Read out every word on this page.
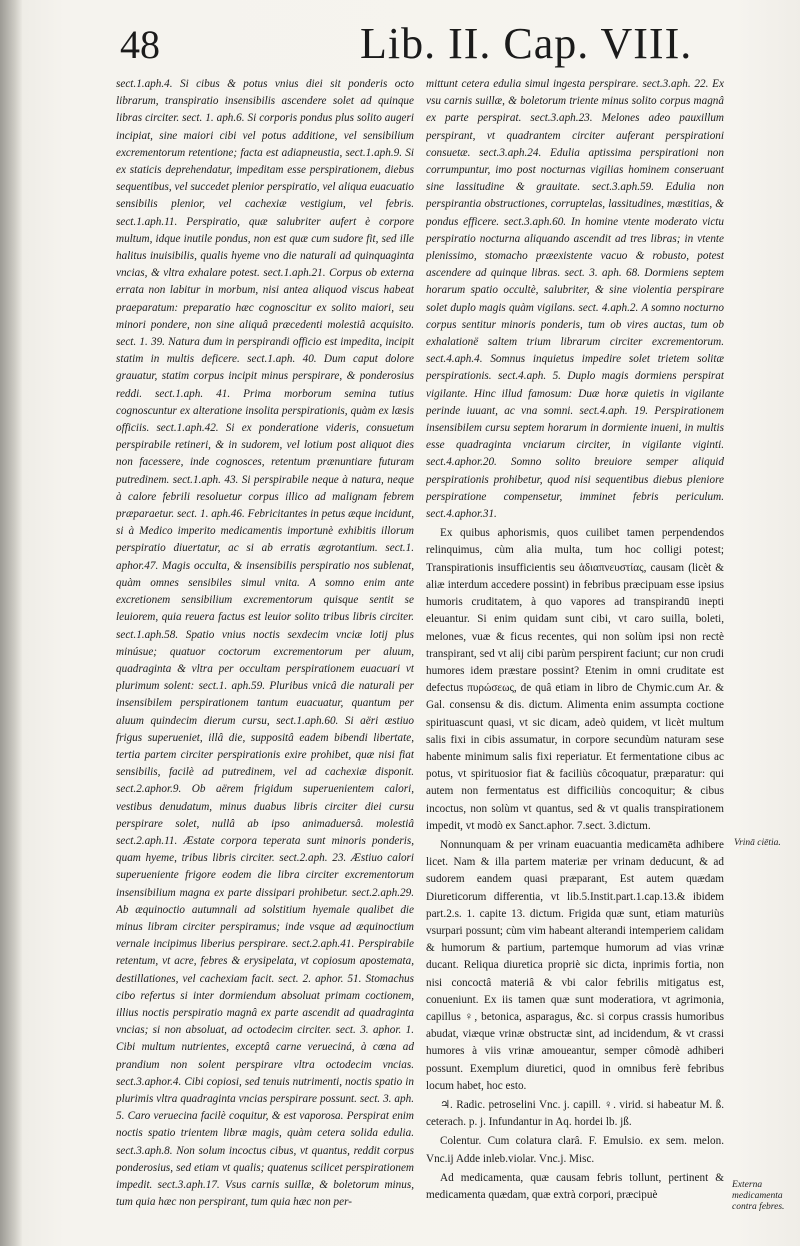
48	Lib. II. Cap. VIII.

sect.1.aph.4. Si cibus & potus vnius diei sit ponderis octo librarum, transpiratio insensibilis ascendere solet ad quinque libras circiter. sect. 1. aph.6. Si corporis pondus plus solito augeri incipiat, sine maiori cibi vel potus additione, vel sensibilium excrementorum retentione; facta est adiapneustia, sect.1.aph.9. Si ex staticis deprehendatur, impeditam esse perspirationem, diebus sequentibus, vel succedet plenior perspiratio, vel aliqua euacuatio sensibilis plenior, vel cachexiæ vestigium, vel febris. sect.1.aph.11. Perspiratio, quæ salubriter aufert è corpore multum, idque inutile pondus, non est quæ cum sudore fit, sed ille halitus inuisibilis, qualis hyeme vno die naturali ad quinquaginta vncias, & vltra exhalare potest. sect.1.aph.21. Corpus ob externa errata non labitur in morbum, nisi antea aliquod viscus habeat praeparatum: preparatio hæc cognoscitur ex solito maiori, seu minori pondere, non sine aliquâ præcedenti molestiâ acquisito. sect. 1. 39. Natura dum in perspirandi officio est impedita, incipit statim in multis deficere. sect.1.aph. 40. Dum caput dolore grauatur, statim corpus incipit minus perspirare, & ponderosius reddi. sect.1.aph. 41. Prima morborum semina tutius cognoscuntur ex alteratione insolita perspirationis, quàm ex læsis officiis. sect.1.aph.42. Si ex ponderatione videris, consuetum perspirabile retineri, & in sudorem, vel lotium post aliquot dies non facessere, inde cognosces, retentum prænuntiare futuram putredinem. sect.1.aph. 43. Si perspirabile neque à natura, neque à calore febrili resoluetur corpus illico ad malignam febrem præparaetur. sect. 1. aph.46. Febricitantes in petus æque incidunt, si à Medico imperito medicamentis importunè exhibitis illorum perspiratio diuertatur, ac si ab erratis ægrotantium. sect.1. aphor.47. Magis occulta, & insensibilis perspiratio nos sublenat, quàm omnes sensibiles simul vnita. A somno enim ante excretionem sensibilium excrementorum quisque sentit se leuiorem, quia reuera factus est leuior solito tribus libris circiter. sect.1.aph.58. Spatio vnius noctis sexdecim vnciæ lotij plus minúsue; quatuor coctorum excrementorum per aluum, quadraginta & vltra per occultam perspirationem euacuari vt plurimum solent: sect.1. aph.59. Pluribus vnicâ die naturali per insensibilem perspirationem tantum euacuatur, quantum per aluum quindecim dierum cursu, sect.1.aph.60. Si aëri æstiuo frigus superueniet, illâ die, suppositâ eadem bibendi libertate, tertia partem circiter perspirationis exire prohibet, quæ nisi fiat sensibilis, facilè ad putredinem, vel ad cachexiæ disponit. sect.2.aphor.9. Ob aërem frigidum superuenientem calori, vestibus denudatum, minus duabus libris circiter diei cursu perspirare solet, nullâ ab ipso animaduersâ. molestiâ sect.2.aph.11. Æstate corpora teperata sunt minoris ponderis, quam hyeme, tribus libris circiter. sect.2.aph. 23. Æstiuo calori superueniente frigore eodem die libra circiter excrementorum insensibilium magna ex parte dissipari prohibetur. sect.2.aph.29. Ab æquinoctio autumnali ad solstitium hyemale qualibet die minus libram circiter perspiramus; inde vsque ad æquinoctium vernale incipimus liberius perspirare. sect.2.aph.41. Perspirabile retentum, vt acre, febres & erysipelata, vt copiosum apostemata, destillationes, vel cachexiam facit. sect. 2. aphor. 51. Stomachus cibo refertus si inter dormiendum absoluat primam coctionem, illius noctis perspiratio magnâ ex parte ascendit ad quadraginta vncias; si non absoluat, ad octodecim circiter. sect. 3. aphor. 1. Cibi multum nutrientes, exceptâ carne verueciná, à cœna ad prandium non solent perspirare vltra octodecim vncias. sect.3.aphor.4. Cibi copiosi, sed tenuis nutrimenti, noctis spatio in plurimis vltra quadraginta vncias perspirare possunt. sect. 3. aph. 5. Caro veruecina facilè coquitur, & est vaporosa. Perspirat enim noctis spatio trientem libræ magis, quàm cetera solida edulia. sect.3.aph.8. Non solum incoctus cibus, vt quantus, reddit corpus ponderosius, sed etiam vt qualis; quatenus scilicet perspirationem impedit. sect.3.aph.17. Vsus carnis suillæ, & boletorum minus, tum quia hæc non perspirant, tum quia hæc non per-

mittunt cetera edulia simul ingesta perspirare. sect.3.aph. 22. Ex vsu carnis suillæ, & boletorum triente minus solito corpus magnâ ex parte perspirat. sect.3.aph.23. Melones adeo pauxillum perspirant, vt quadrantem circiter auferant perspirationi consuetæ. sect.3.aph.24. Edulia aptissima perspirationi non corrumpuntur, imo post nocturnas vigilias hominem conseruant sine lassitudine & grauitate. sect.3.aph.59. Edulia non perspirantia obstructiones, corruptelas, lassitudines, mæstitias, & pondus efficere. sect.3.aph.60. In homine vtente moderato victu perspiratio nocturna aliquando ascendit ad tres libras; in vtente plenissimo, stomacho præexistente vacuo & robusto, potest ascendere ad quinque libras. sect. 3. aph. 68. Dormiens septem horarum spatio occultè, salubriter, & sine violentia perspirare solet duplo magis quàm vigilans. sect. 4.aph.2. A somno nocturno corpus sentitur minoris ponderis, tum ob vires auctas, tum ob exhalationë saltem trium librarum circiter excrementorum. sect.4.aph.4. Somnus inquietus impedire solet trietem solitæ perspirationis. sect.4.aph. 5. Duplo magis dormiens perspirat vigilante. Hinc illud famosum: Duæ horæ quietis in vigilante perinde iuuant, ac vna somni. sect.4.aph. 19. Perspirationem insensibilem cursu septem horarum in dormiente inueni, in multis esse quadraginta vnciarum circiter, in vigilante viginti. sect.4.aphor.20. Somno solito breuiore semper aliquid perspirationis prohibetur, quod nisi sequentibus diebus pleniore perspiratione compensetur, imminet febris periculum. sect.4.aphor.31.

Ex quibus aphorismis, quos cuilibet tamen perpendendos relinquimus, cùm alia multa, tum hoc colligi potest; Transpirationis insufficientis seu ἀδιαπνευστίας, causam (licèt & aliæ interdum accedere possint) in febribus præcipuam esse ipsius humoris cruditatem, à quo vapores ad transpirandū inepti eleuantur. Si enim quidam sunt cibi, vt caro suilla, boleti, melones, vuæ & ficus recentes, qui non solùm ipsi non rectè transpirant, sed vt alij cibi parùm perspirent faciunt; cur non crudi humores idem præstare possint? Etenim in omni cruditate est defectus πυρώσεως, de quâ etiam in libro de Chymic.cum Ar. & Gal. consensu & dis. dictum. Alimenta enim assumpta coctione spirituascunt quasi, vt sic dicam, adeò quidem, vt licèt multum salis fixi in cibis assumatur, in corpore secundùm naturam sese habente minimum salis fixi reperiatur. Et fermentatione cibus ac potus, vt spirituosior fiat & faciliùs côcoquatur, præparatur: qui autem non fermentatus est difficiliùs concoquitur; & cibus incoctus, non solùm vt quantus, sed & vt qualis transpirationem impedit, vt modò ex Sanct.aphor. 7.sect. 3.dictum.

Nonnunquam & per vrinam euacuantia medicamēta adhibere licet. Nam & illa partem materiæ per vrinam deducunt, & ad sudorem eandem quasi præparant, Est autem quædam Diureticorum differentia, vt lib.5.Instit.part.1.cap.13.& ibidem part.2.s. 1. capite 13. dictum. Frigida quæ sunt, etiam maturiùs vsurpari possunt; cùm vim habeant alterandi intemperiem calidam & humorum & partium, partemque humorum ad vias vrinæ ducant. Reliqua diuretica propriè sic dicta, inprimis fortia, non nisi concoctâ materiâ & vbi calor febrilis mitigatus est, conueniunt. Ex iis tamen quæ sunt moderatiora, vt agrimonia, capillus ♀, betonica, asparagus, &c. si corpus crassis humoribus abudat, viæque vrinæ obstructæ sint, ad incidendum, & vt crassi humores à viis vrinæ amoueantur, semper cômodè adhiberi possunt. Exemplum diuretici, quod in omnibus ferè febribus locum habet, hoc esto.

♃. Radic. petroselini Vnc. j. capill. ♀. virid. si habeatur M. ß. ceterach. p. j. Infundantur in Aq. hordei lb. jß.

Colentur. Cum colatura clarâ. F. Emulsio. ex sem. melon. Vnc.ij Adde inleb.violar. Vnc.j. Misc.

Ad medicamenta, quæ causam febris tollunt, pertinent & medicamenta quædam, quæ extrà corpori, præcipuè

Vrinā ciētia.
Externa medicamenta contra febres.
